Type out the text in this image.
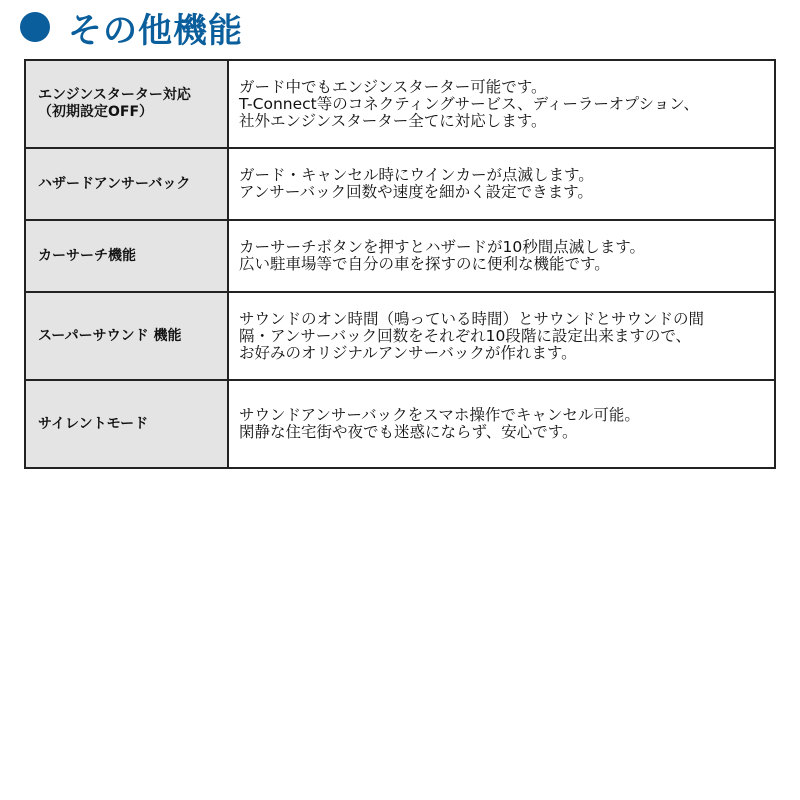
その他機能
エンジンスターター対応
（初期設定OFF）	ガード中でもエンジンスターター可能です。
T-Connect等のコネクティングサービス、ディーラーオプション、
社外エンジンスターター全てに対応します。
ハザードアンサーバック	ガード・キャンセル時にウインカーが点滅します。
アンサーバック回数や速度を細かく設定できます。
カーサーチ機能	カーサーチボタンを押すとハザードが10秒間点滅します。
広い駐車場等で自分の車を探すのに便利な機能です。
スーパーサウンド 機能	サウンドのオン時間（鳴っている時間）とサウンドとサウンドの間
隔・アンサーバック回数をそれぞれ10段階に設定出来ますので、
お好みのオリジナルアンサーバックが作れます。
サイレントモード	サウンドアンサーバックをスマホ操作でキャンセル可能。
閑静な住宅街や夜でも迷惑にならず、安心です。
